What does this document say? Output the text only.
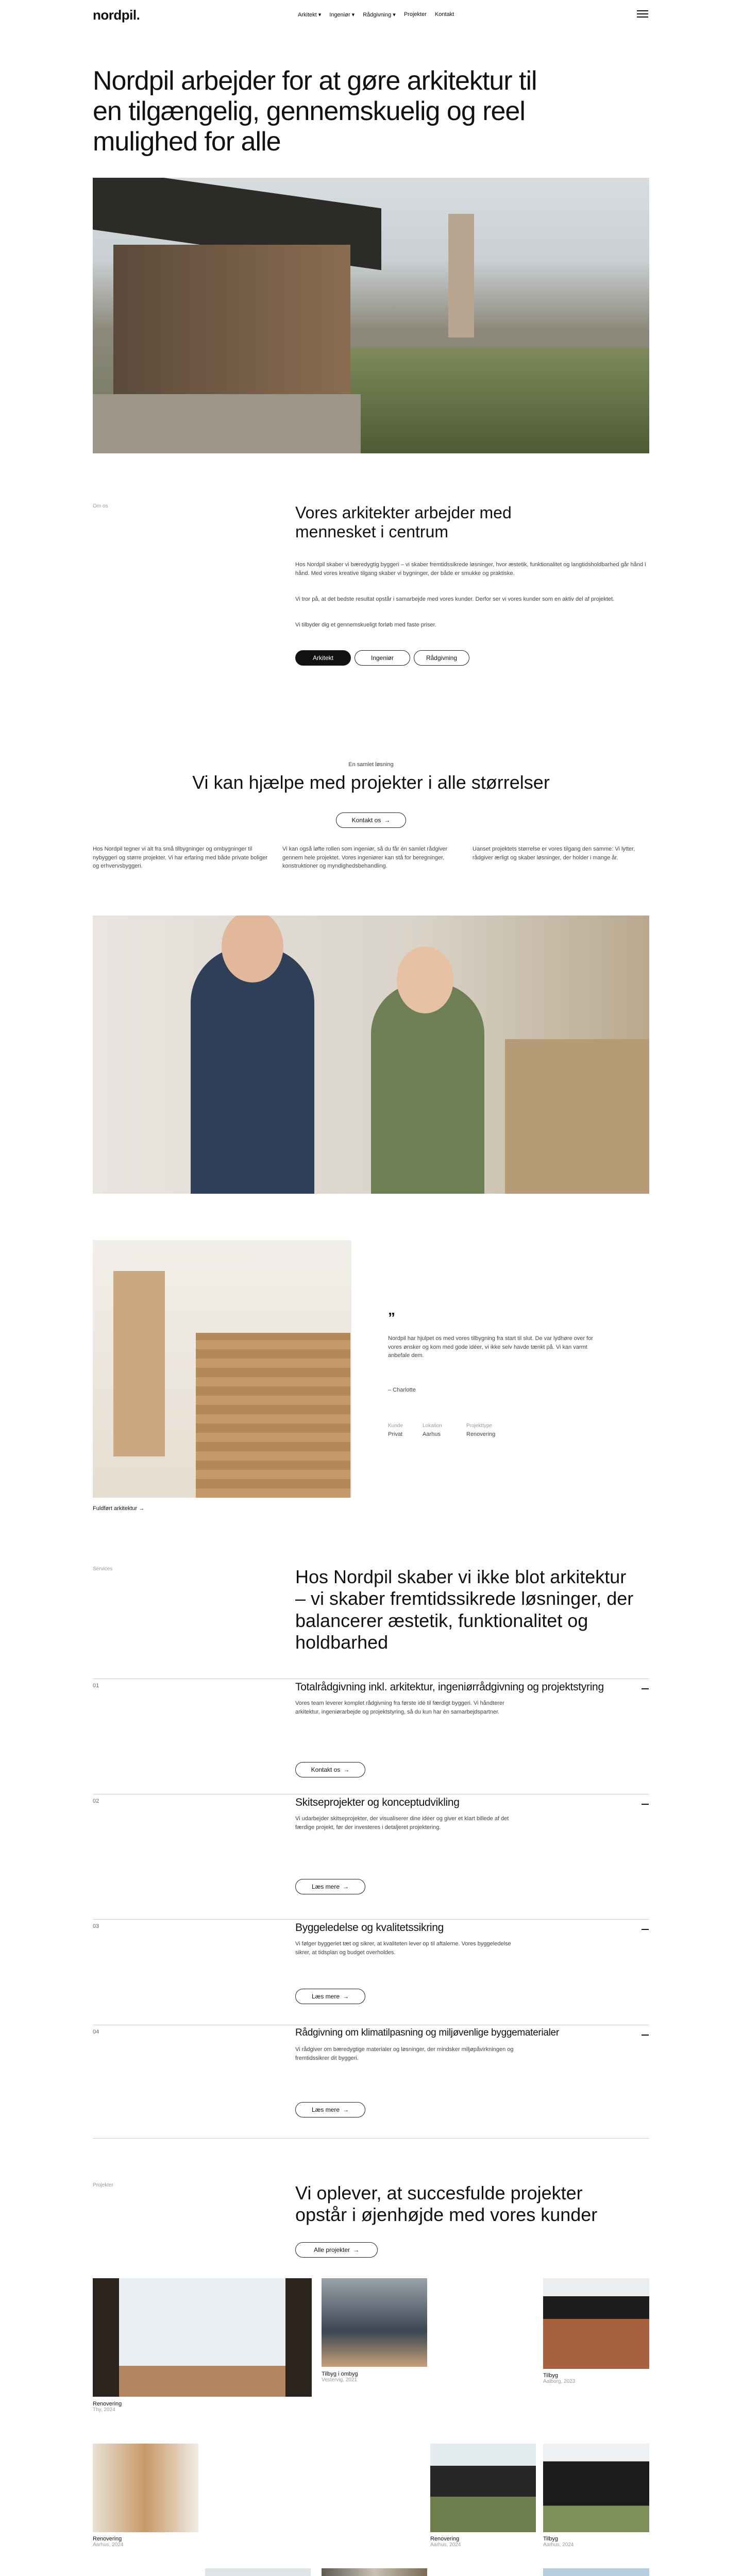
nordpil.	Arkitekt ▾ Ingeniør ▾ Rådgivning ▾ Projekter Kontakt
Nordpil arbejder for at gøre arkitektur til en tilgængelig, gennemskuelig og reel mulighed for alle
Om os	Vores arkitekter arbejder med mennesket i centrum

Hos Nordpil skaber vi bæredygtig byggeri – vi skaber fremtidssikrede løsninger, hvor æstetik, funktionalitet og langtidsholdbarhed går hånd i hånd. Med vores kreative tilgang skaber vi bygninger, der både er smukke og praktiske.

Vi tror på, at det bedste resultat opstår i samarbejde med vores kunder. Derfor ser vi vores kunder som en aktiv del af projektet.

Vi tilbyder dig et gennemskueligt forløb med faste priser.

Arkitekt	Ingeniør	Rådgivning
En samlet løsning
Vi kan hjælpe med projekter i alle størrelser
Kontakt os →

Hos Nordpil tegner vi alt fra små tilbygninger og ombygninger til nybyggeri og større projekter. Vi har erfaring med både private boliger og erhvervsbyggeri.

Vi kan også løfte rollen som ingeniør, så du får én samlet rådgiver gennem hele projektet. Vores ingeniører kan stå for beregninger, konstruktioner og myndighedsbehandling.

Uanset projektets størrelse er vores tilgang den samme: Vi lytter, rådgiver ærligt og skaber løsninger, der holder i mange år.

”

Nordpil har hjulpet os med vores tilbygning fra start til slut. De var lydhøre over for vores ønsker og kom med gode idéer, vi ikke selv havde tænkt på. Vi kan varmt anbefale dem.

– Charlotte
Kunde
Privat
Lokation
Aarhus
Projekttype
Renovering
Fuldført arkitektur →
Services	Hos Nordpil skaber vi ikke blot arkitektur – vi skaber fremtidssikrede løsninger, der balancerer æstetik, funktionalitet og holdbarhed
01	Totalrådgivning inkl. arkitektur, ingeniørrådgivning og projektstyring

Vores team leverer komplet rådgivning fra første idé til færdigt byggeri. Vi håndterer arkitektur, ingeniørarbejde og projektstyring, så du kun har én samarbejdspartner.

Kontakt os →
02	Skitseprojekter og konceptudvikling

Vi udarbejder skitseprojekter, der visualiserer dine idéer og giver et klart billede af det færdige projekt, før der investeres i detaljeret projektering.

Læs mere →
03	Byggeledelse og kvalitetssikring

Vi følger byggeriet tæt og sikrer, at kvaliteten lever op til aftalerne. Vores byggeledelse sikrer, at tidsplan og budget overholdes.

Læs mere →
04	Rådgivning om klimatilpasning og miljøvenlige byggematerialer

Vi rådgiver om bæredygtige materialer og løsninger, der mindsker miljøpåvirkningen og fremtidssikrer dit byggeri.

Læs mere →
Projekter	Vi oplever, at succesfulde projekter opstår i øjenhøjde med vores kunder
Alle projekter →
Renovering
Thy, 2024
Tilbyg i ombyg
Vestervig, 2021
Tilbyg
Aalborg, 2023
Renovering
Aarhus, 2024
Renovering
Aarhus, 2024
Tilbyg
Aarhus, 2024
